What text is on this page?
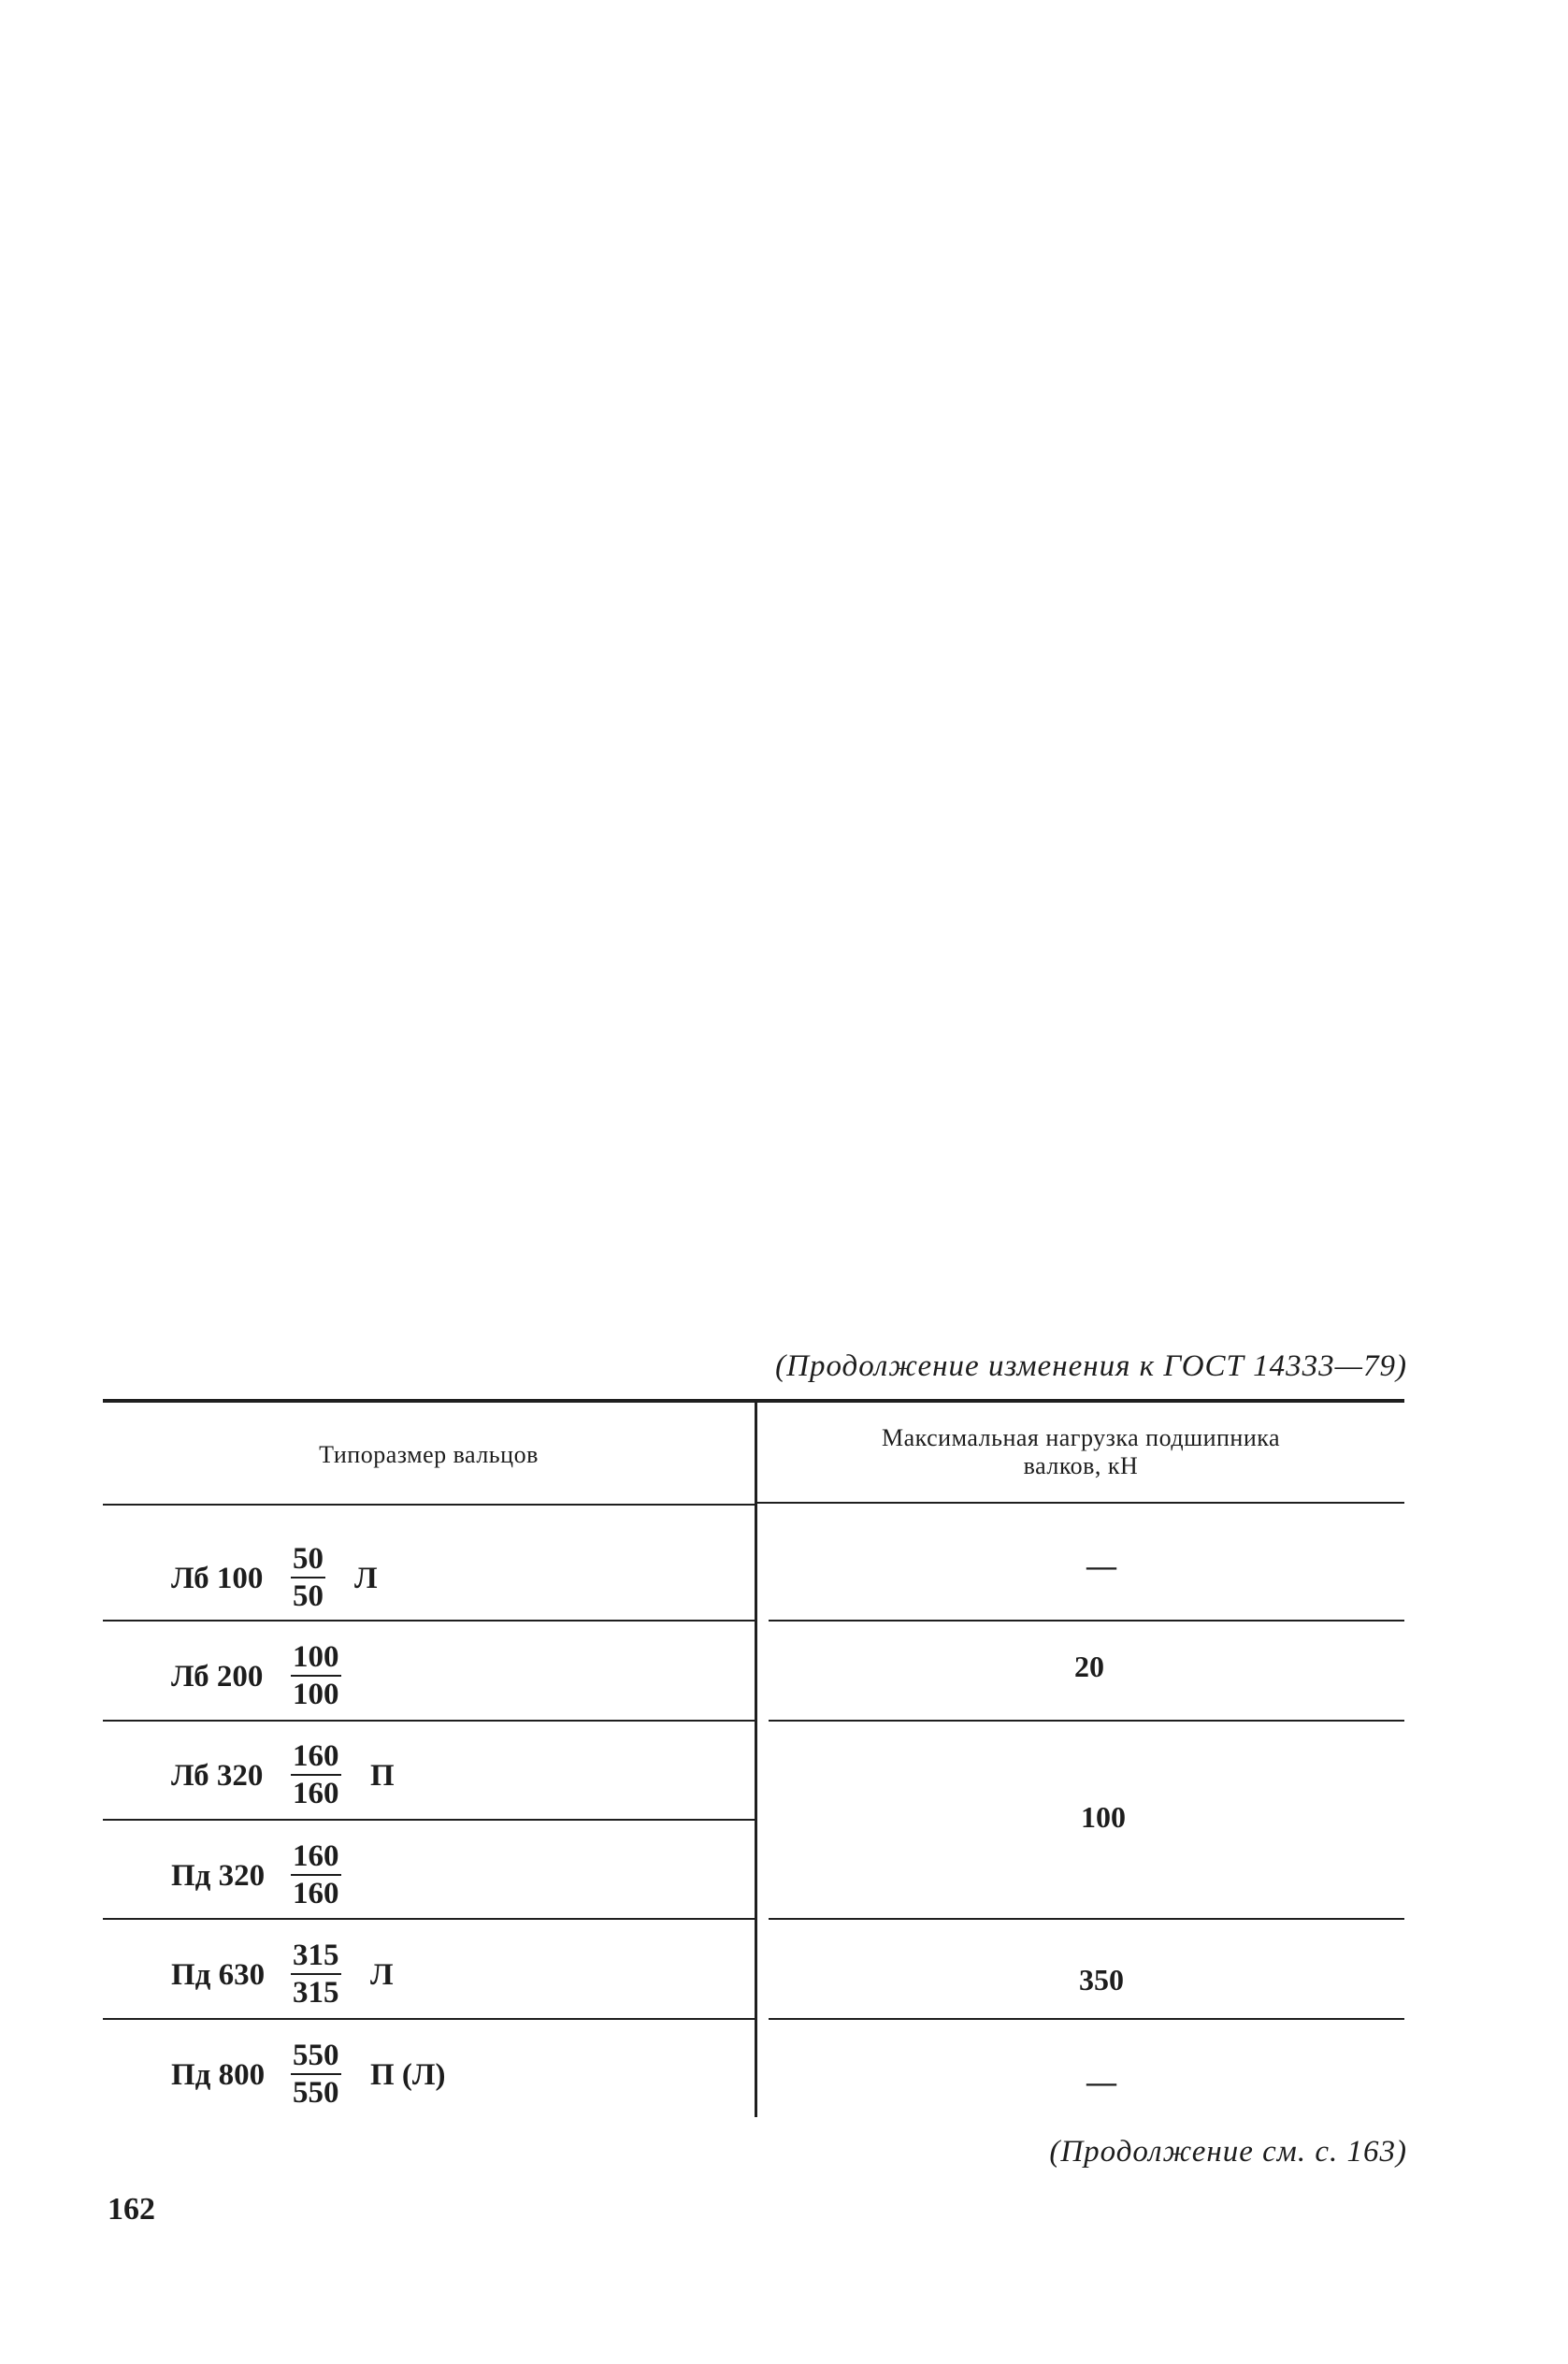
(Продолжение изменения к ГОСТ 14333—79)
Типоразмер вальцов
Максимальная нагрузка подшипника
валков, кН
Лб $100 \frac{50}{50}$ Л
Лб $200 \frac{100}{100}$
Лб $320 \frac{160}{160}$ П
Пд $320 \frac{160}{160}$
Пд $630 \frac{315}{315}$ Л
Пд $800 \frac{550}{550}$ П (Л)
—
20
100
350
—
(Продолжение см. с. 163)
162
